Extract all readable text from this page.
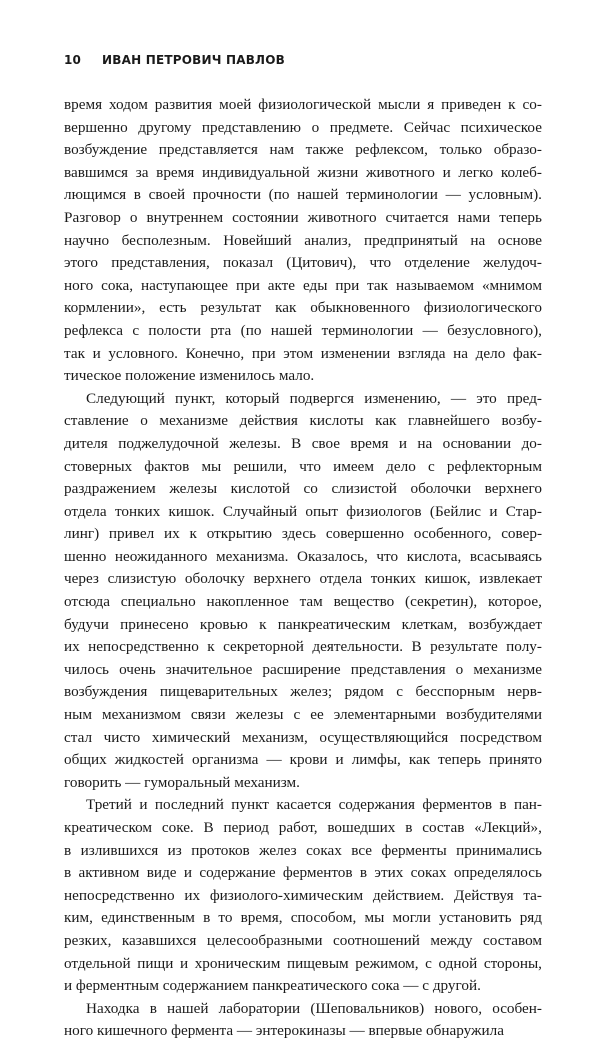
10 ИВАН ПЕТРОВИЧ ПАВЛОВ
время ходом развития моей физиологической мысли я приведен к со-
вершенно другому представлению о предмете. Сейчас психическое
возбуждение представляется нам также рефлексом, только образо-
вавшимся за время индивидуальной жизни животного и легко колеб-
лющимся в своей прочности (по нашей терминологии — условным).
Разговор о внутреннем состоянии животного считается нами теперь
научно бесполезным. Новейший анализ, предпринятый на основе
этого представления, показал (Цитович), что отделение желудоч-
ного сока, наступающее при акте еды при так называемом «мнимом
кормлении», есть результат как обыкновенного физиологического
рефлекса с полости рта (по нашей терминологии — безусловного),
так и условного. Конечно, при этом изменении взгляда на дело фак-
тическое положение изменилось мало.
Следующий пункт, который подвергся изменению, — это пред-
ставление о механизме действия кислоты как главнейшего возбу-
дителя поджелудочной железы. В свое время и на основании до-
стоверных фактов мы решили, что имеем дело с рефлекторным
раздражением железы кислотой со слизистой оболочки верхнего
отдела тонких кишок. Случайный опыт физиологов (Бейлис и Стар-
линг) привел их к открытию здесь совершенно особенного, совер-
шенно неожиданного механизма. Оказалось, что кислота, всасываясь
через слизистую оболочку верхнего отдела тонких кишок, извлекает
отсюда специально накопленное там вещество (секретин), которое,
будучи принесено кровью к панкреатическим клеткам, возбуждает
их непосредственно к секреторной деятельности. В результате полу-
чилось очень значительное расширение представления о механизме
возбуждения пищеварительных желез; рядом с бесспорным нерв-
ным механизмом связи железы с ее элементарными возбудителями
стал чисто химический механизм, осуществляющийся посредством
общих жидкостей организма — крови и лимфы, как теперь принято
говорить — гуморальный механизм.
Третий и последний пункт касается содержания ферментов в пан-
креатическом соке. В период работ, вошедших в состав «Лекций»,
в излившихся из протоков желез соках все ферменты принимались
в активном виде и содержание ферментов в этих соках определялось
непосредственно их физиолого-химическим действием. Действуя та-
ким, единственным в то время, способом, мы могли установить ряд
резких, казавшихся целесообразными соотношений между составом
отдельной пищи и хроническим пищевым режимом, с одной стороны,
и ферментным содержанием панкреатического сока — с другой.
Находка в нашей лаборатории (Шеповальников) нового, особен-
ного кишечного фермента — энтерокиназы — впервые обнаружила
